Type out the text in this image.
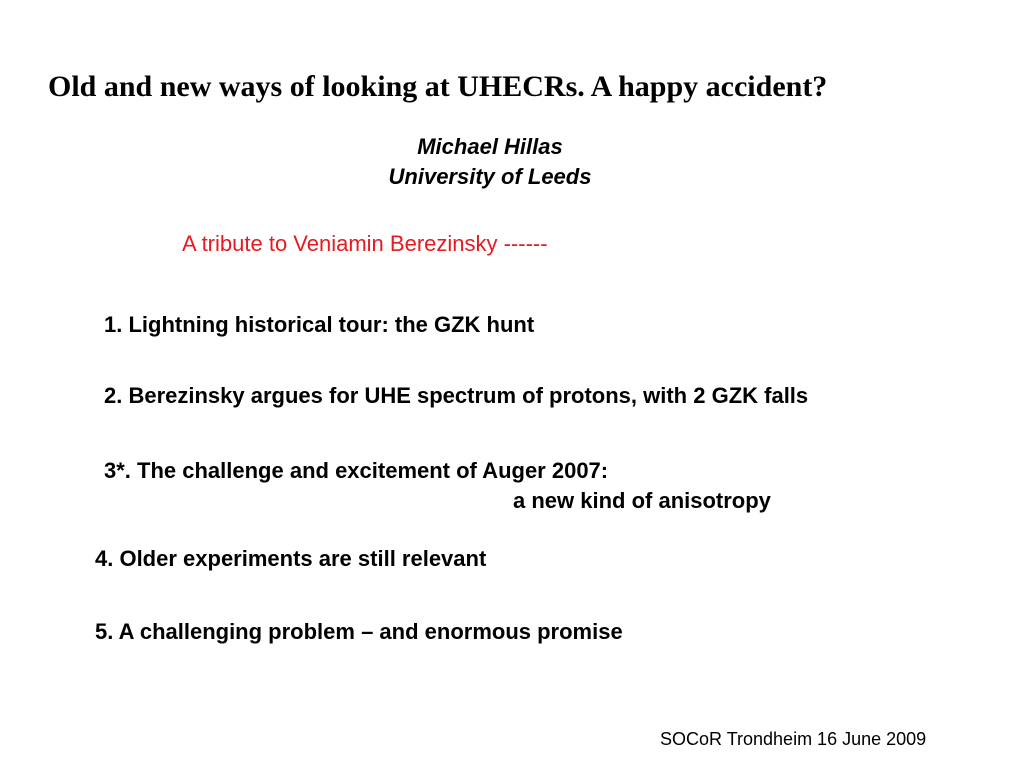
Old and new ways of looking at UHECRs. A happy accident?
Michael Hillas
University of Leeds
A tribute to Veniamin Berezinsky ------
1. Lightning historical tour: the GZK hunt
2. Berezinsky argues for UHE spectrum of protons, with 2 GZK falls
3*. The challenge and excitement of Auger 2007:
a new kind of anisotropy
4. Older experiments are still relevant
5. A challenging problem – and enormous promise
SOCoR Trondheim 16 June 2009
